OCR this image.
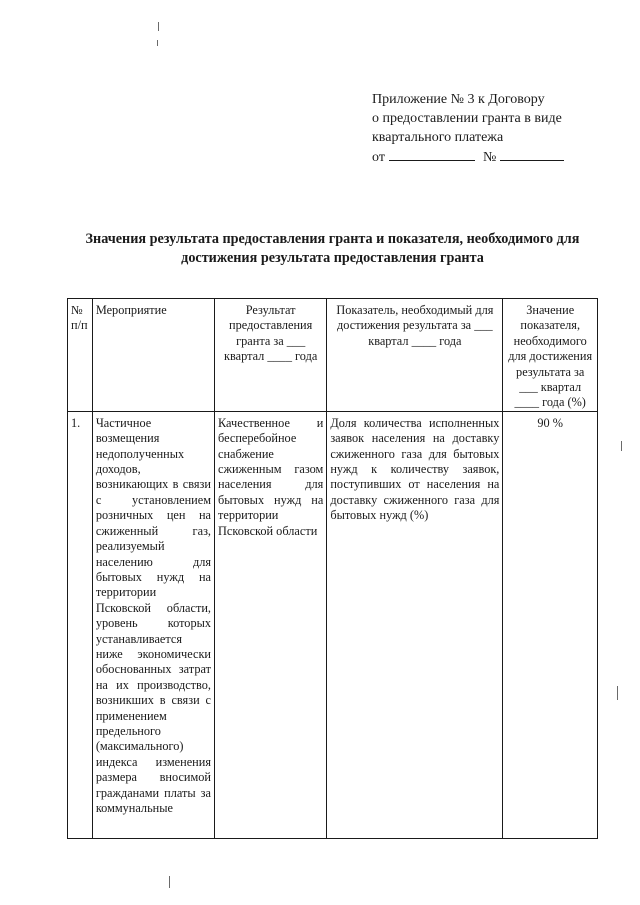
Приложение № 3 к Договору
о предоставлении гранта в виде
квартального платежа
от	№
Значения результата предоставления гранта и показателя, необходимого для достижения результата предоставления гранта
№ п/п	Мероприятие	Результат предоставления гранта за ___ квартал ____ года	Показатель, необходимый для достижения результата за ___ квартал ____ года	Значение показателя, необходимого для достижения результата за ___ квартал ____ года (%)
1.	Частичное возмещения недополученных доходов, возникающих в связи с установлением розничных цен на сжиженный газ, реализуемый населению для бытовых нужд на территории Псковской области, уровень которых устанавливается ниже экономически обоснованных затрат на их производство, возникших в связи с применением предельного (максимального) индекса изменения размера вносимой гражданами платы за коммунальные	Качественное и бесперебойное снабжение сжиженным газом населения для бытовых нужд на территории Псковской области	Доля количества исполненных заявок населения на доставку сжиженного газа для бытовых нужд к количеству заявок, поступивших от населения на доставку сжиженного газа для бытовых нужд (%)	90 %
